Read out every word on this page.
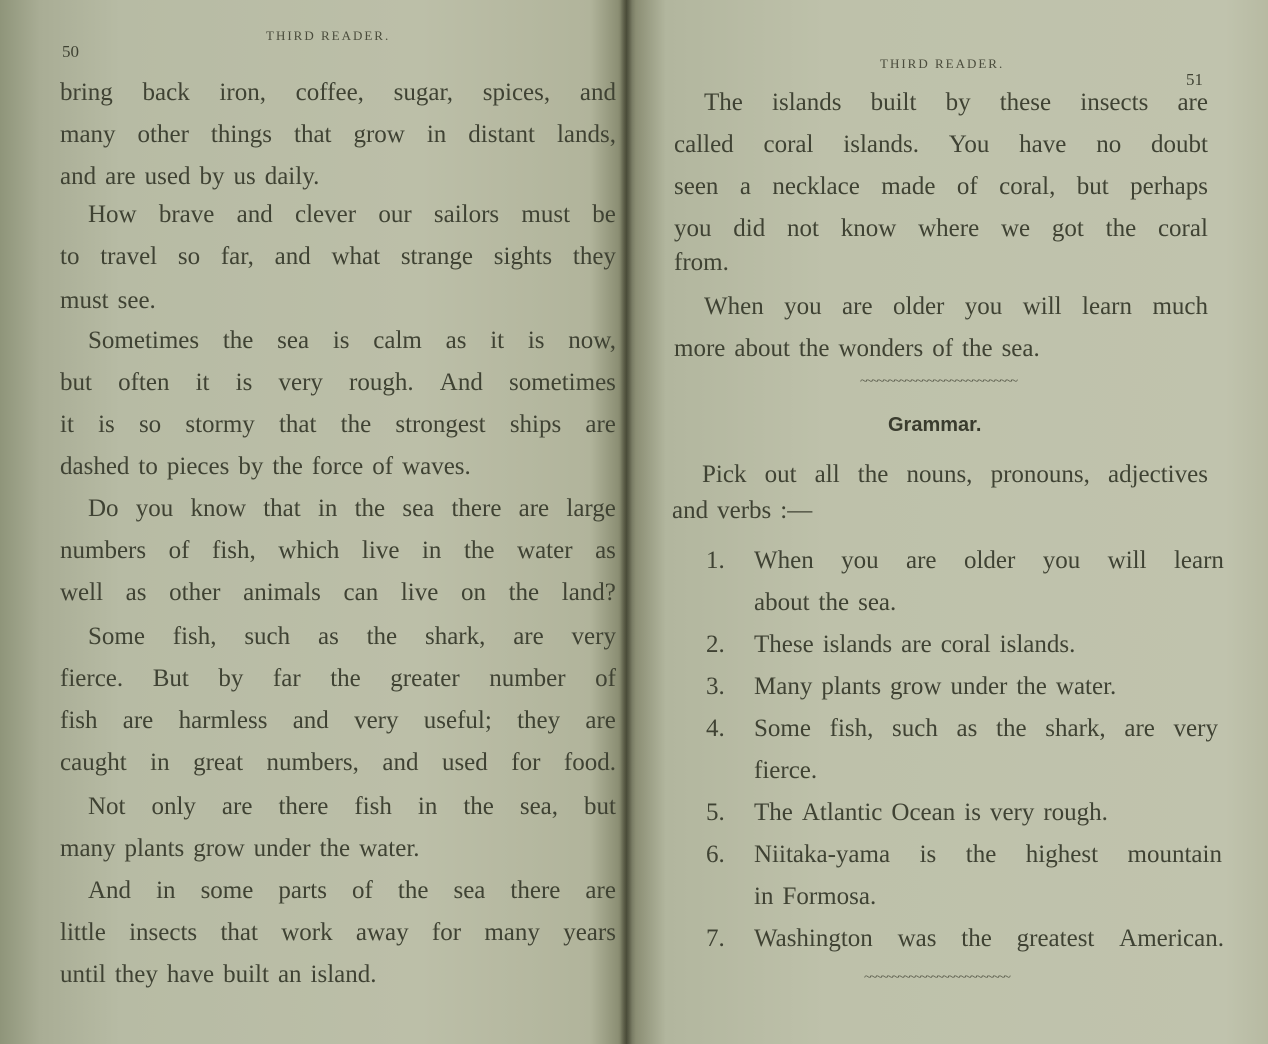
50
THIRD READER.
bring back iron, coffee, sugar, spices, and
many other things that grow in distant lands,
and are used by us daily.
How brave and clever our sailors must be
to travel so far, and what strange sights they
must see.
Sometimes the sea is calm as it is now,
but often it is very rough. And sometimes
it is so stormy that the strongest ships are
dashed to pieces by the force of waves.
Do you know that in the sea there are large
numbers of fish, which live in the water as
well as other animals can live on the land?
Some fish, such as the shark, are very
fierce. But by far the greater number of
fish are harmless and very useful; they are
caught in great numbers, and used for food.
Not only are there fish in the sea, but
many plants grow under the water.
And in some parts of the sea there are
little insects that work away for many years
until they have built an island.
THIRD READER.
51
The islands built by these insects are
called coral islands. You have no doubt
seen a necklace made of coral, but perhaps
you did not know where we got the coral
from.
When you are older you will learn much
more about the wonders of the sea.
~~~~~~~~~~~~~~~~~~~~~~~~~~~~
Grammar.
Pick out all the nouns, pronouns, adjectives
and verbs :—
1. When you are older you will learn
about the sea.
2. These islands are coral islands.
3. Many plants grow under the water.
4. Some fish, such as the shark, are very
fierce.
5. The Atlantic Ocean is very rough.
6. Niitaka-yama is the highest mountain
in Formosa.
7. Washington was the greatest American.
~~~~~~~~~~~~~~~~~~~~~~~~~~
